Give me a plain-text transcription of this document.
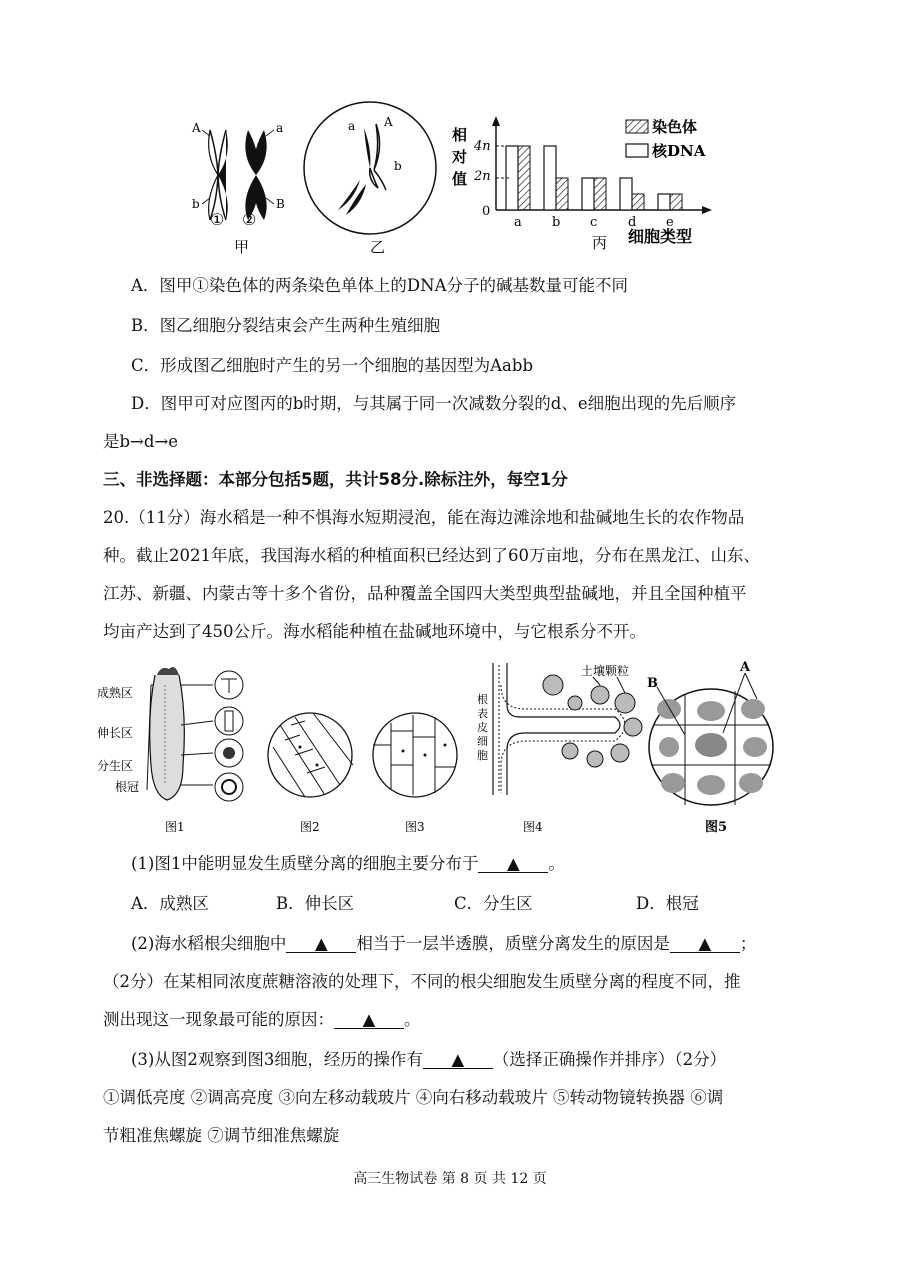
A	a
b	B
① ②
甲
a A
b
乙
相
对
值
4n
2n
0
a b c d e
染色体
核DNA
丙 细胞类型
A．图甲①染色体的两条染色单体上的DNA分子的碱基数量可能不同
B．图乙细胞分裂结束会产生两种生殖细胞
C．形成图乙细胞时产生的另一个细胞的基因型为Aabb
D．图甲可对应图丙的b时期，与其属于同一次减数分裂的d、e细胞出现的先后顺序
是b→d→e
三、非选择题：本部分包括5题，共计58分.除标注外，每空1分
20.（11分）海水稻是一种不惧海水短期浸泡，能在海边滩涂地和盐碱地生长的农作物品
种。截止2021年底，我国海水稻的种植面积已经达到了60万亩地，分布在黑龙江、山东、
江苏、新疆、内蒙古等十多个省份，品种覆盖全国四大类型典型盐碱地，并且全国种植平
均亩产达到了450公斤。海水稻能种植在盐碱地环境中，与它根系分不开。
成熟区
伸长区
分生区
根冠
图1	图2	图3
根
表
皮
细
胞
土壤颗粒
图4
A
B
图5
(1)图1中能明显发生质壁分离的细胞主要分布于 ▲ 。
A．成熟区	B．伸长区	C．分生区	D．根冠
(2)海水稻根尖细胞中 ▲ 相当于一层半透膜，质壁分离发生的原因是 ▲ ；
（2分）在某相同浓度蔗糖溶液的处理下，不同的根尖细胞发生质壁分离的程度不同，推
测出现这一现象最可能的原因： ▲ 。
(3)从图2观察到图3细胞，经历的操作有 ▲ （选择正确操作并排序）（2分）
①调低亮度 ②调高亮度 ③向左移动载玻片 ④向右移动载玻片 ⑤转动物镜转换器 ⑥调
节粗准焦螺旋 ⑦调节细准焦螺旋
高三生物试卷 第 8 页 共 12 页
